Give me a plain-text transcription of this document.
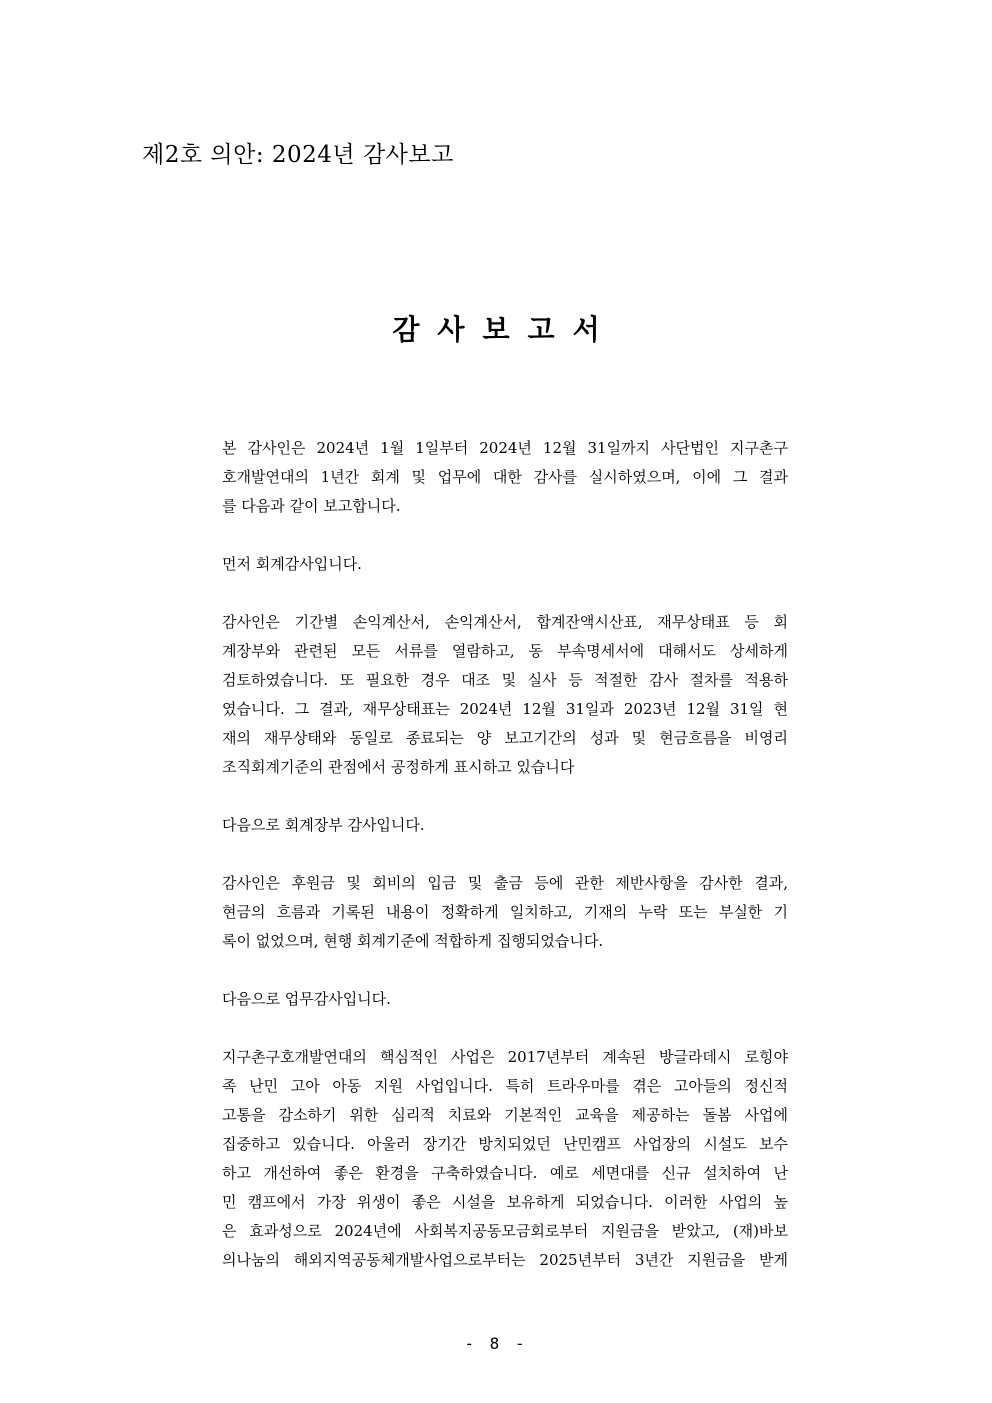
제2호 의안: 2024년 감사보고
감사보고서
본 감사인은 2024년 1월 1일부터 2024년 12월 31일까지 사단법인 지구촌구
호개발연대의 1년간 회계 및 업무에 대한 감사를 실시하였으며, 이에 그 결과
를 다음과 같이 보고합니다.
먼저 회계감사입니다.
감사인은 기간별 손익계산서, 손익계산서, 합계잔액시산표, 재무상태표 등 회
계장부와 관련된 모든 서류를 열람하고, 동 부속명세서에 대해서도 상세하게
검토하였습니다. 또 필요한 경우 대조 및 실사 등 적절한 감사 절차를 적용하
였습니다. 그 결과, 재무상태표는 2024년 12월 31일과 2023년 12월 31일 현
재의 재무상태와 동일로 종료되는 양 보고기간의 성과 및 현금흐름을 비영리
조직회계기준의 관점에서 공정하게 표시하고 있습니다
다음으로 회계장부 감사입니다.
감사인은 후원금 및 회비의 입금 및 출금 등에 관한 제반사항을 감사한 결과,
현금의 흐름과 기록된 내용이 정확하게 일치하고, 기재의 누락 또는 부실한 기
록이 없었으며, 현행 회계기준에 적합하게 집행되었습니다.
다음으로 업무감사입니다.
지구촌구호개발연대의 핵심적인 사업은 2017년부터 계속된 방글라데시 로힝야
족 난민 고아 아동 지원 사업입니다. 특히 트라우마를 겪은 고아들의 정신적
고통을 감소하기 위한 심리적 치료와 기본적인 교육을 제공하는 돌봄 사업에
집중하고 있습니다. 아울러 장기간 방치되었던 난민캠프 사업장의 시설도 보수
하고 개선하여 좋은 환경을 구축하였습니다. 예로 세면대를 신규 설치하여 난
민 캠프에서 가장 위생이 좋은 시설을 보유하게 되었습니다. 이러한 사업의 높
은 효과성으로 2024년에 사회복지공동모금회로부터 지원금을 받았고, (재)바보
의나눔의 해외지역공동체개발사업으로부터는 2025년부터 3년간 지원금을 받게
- 8 -
